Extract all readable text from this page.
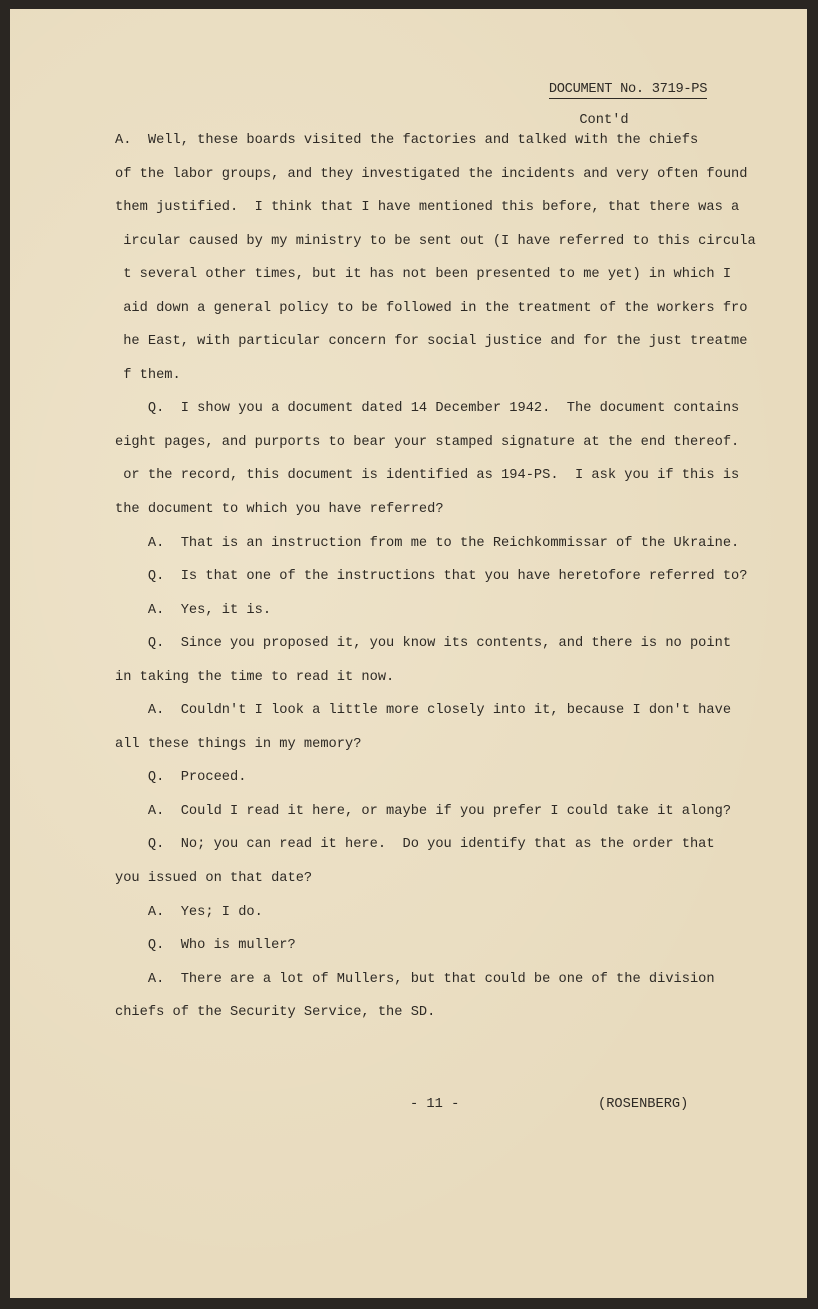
DOCUMENT No. 3719-PS

Cont'd

A.  Well, these boards visited the factories and talked with the chiefs
of the labor groups, and they investigated the incidents and very often found
them justified.  I think that I have mentioned this before, that there was a
ircular caused by my ministry to be sent out (I have referred to this circula
t several other times, but it has not been presented to me yet) in which I
aid down a general policy to be followed in the treatment of the workers fro
he East, with particular concern for social justice and for the just treatme
f them.
Q.  I show you a document dated 14 December 1942.  The document contains
eight pages, and purports to bear your stamped signature at the end thereof.
or the record, this document is identified as 194-PS.  I ask you if this is
the document to which you have referred?
A.  That is an instruction from me to the Reichkommissar of the Ukraine.
Q.  Is that one of the instructions that you have heretofore referred to?
A.  Yes, it is.
Q.  Since you proposed it, you know its contents, and there is no point
in taking the time to read it now.
A.  Couldn't I look a little more closely into it, because I don't have
all these things in my memory?
Q.  Proceed.
A.  Could I read it here, or maybe if you prefer I could take it along?
Q.  No; you can read it here.  Do you identify that as the order that
you issued on that date?
A.  Yes; I do.
Q.  Who is muller?
A.  There are a lot of Mullers, but that could be one of the division
chiefs of the Security Service, the SD.
- 11 -	(ROSENBERG)
